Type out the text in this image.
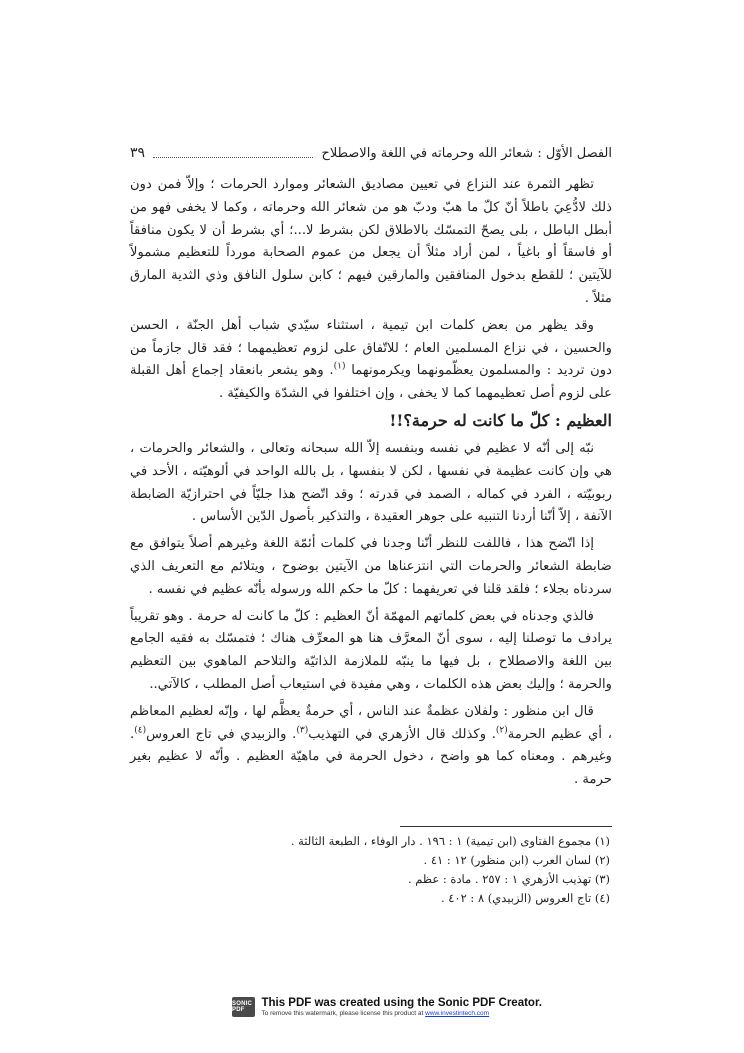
الفصل الأوّل : شعائر الله وحرماته في اللغة والاصطلاح
٣٩

تظهر الثمرة عند النزاع في تعيين مصاديق الشعائر وموارد الحرمات ؛ وإلاّ فمن دون ذلك لادُّعِيَ باطلاً أنّ كلّ ما هبّ ودبّ هو من شعائر الله وحرماته ، وكما لا يخفى فهو من أبطل الباطل ، بلى يصحّ التمسّك بالاطلاق لكن بشرط لا...؛ أي بشرط أن لا يكون منافقاً أو فاسقاً أو باغياً ، لمن أراد مثلاً أن يجعل من عموم الصحابة مورداً للتعظيم مشمولاً للآيتين ؛ للقطع بدخول المنافقين والمارقين فيهم ؛ كابن سلول النافق وذي الثدية المارق مثلاً .

وقد يظهر من بعض كلمات ابن تيمية ، استثناء سيّدي شباب أهل الجنّة ، الحسن والحسين ، في نزاع المسلمين العام ؛ للاتّفاق على لزوم تعظيمهما ؛ فقد قال جازماً من دون ترديد : والمسلمون يعظّمونهما ويكرمونهما $^{(١)}$. وهو يشعر بانعقاد إجماع أهل القبلة على لزوم أصل تعظيمهما كما لا يخفى ، وإن اختلفوا في الشدّة والكيفيّة .

العظيم : كلّ ما كانت له حرمة؟!!

نبّه إلى أنّه لا عظيم في نفسه وبنفسه إلاّ الله سبحانه وتعالى ، والشعائر والحرمات ، هي وإن كانت عظيمة في نفسها ، لكن لا بنفسها ، بل بالله الواحد في ألوهيّته ، الأحد في ربوبيّته ، الفرد في كماله ، الصمد في قدرته ؛ وقد اتّضح هذا جليّاً في احترازيّة الضابطة الآنفة ، إلاّ أنّنا أردنا التنبيه على جوهر العقيدة ، والتذكير بأصول الدّين الأساس .

إذا اتّضح هذا ، فاللفت للنظر أنّنا وجدنا في كلمات أئمّة اللغة وغيرهم أصلاً يتوافق مع ضابطة الشعائر والحرمات التي انتزعناها من الآيتين بوضوح ، ويتلائم مع التعريف الذي سردناه بجلاء ؛ فلقد قلنا في تعريفهما : كلّ ما حكم الله ورسوله بأنّه عظيم في نفسه .

فالذي وجدناه في بعض كلماتهم المهمّة أنّ العظيم : كلّ ما كانت له حرمة . وهو تقريباً يرادف ما توصلنا إليه ، سوى أنّ المعرَّف هنا هو المعرِّف هناك ؛ فتمسّك به فقيه الجامع بين اللغة والاصطلاح ، بل فيها ما ينبّه للملازمة الذاتيّة والتلاحم الماهوي بين التعظيم والحرمة ؛ وإليك بعض هذه الكلمات ، وهي مفيدة في استيعاب أصل المطلب ، كالآتي..

قال ابن منظور : ولفلان عظمةٌ عند الناس ، أي حرمةٌ يعظَّم لها ، وإنّه لعظيم المعاظم ، أي عظيم الحرمة$^{(٢)}$. وكذلك قال الأزهري في التهذيب$^{(٣)}$. والزبيدي في تاج العروس$^{(٤)}$. وغيرهم . ومعناه كما هو واضح ، دخول الحرمة في ماهيّة العظيم . وأنّه لا عظيم بغير حرمة .

(١) مجموع الفتاوى (ابن تيمية) ١ : ١٩٦ . دار الوفاء ، الطبعة الثالثة .

(٢) لسان العرب (ابن منظور) ١٢ : ٤١ .

(٣) تهذيب الأزهري ١ : ٢٥٧ . مادة : عظم .

(٤) تاج العروس (الزبيدي) ٨ : ٤٠٢ .

SONIC PDF
This PDF was created using the Sonic PDF Creator.
To remove this watermark, please license this product at www.investintech.com
